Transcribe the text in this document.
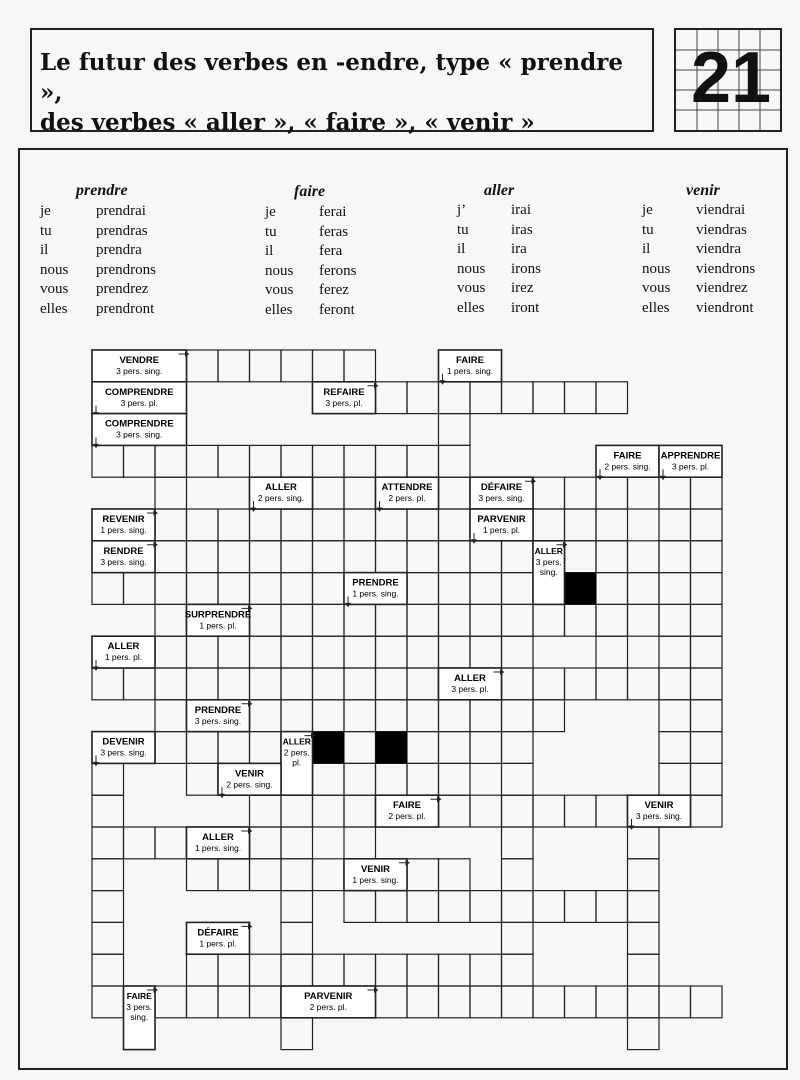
Le futur des verbes en -endre, type « prendre »,
des verbes « aller », « faire », « venir »
21
prendre
je
tu
il
nous
vous
elles
prendrai
prendras
prendra
prendrons
prendrez
prendront
faire
je
tu
il
nous
vous
elles
ferai
feras
fera
ferons
ferez
feront
aller
j’
tu
il
nous
vous
elles
irai
iras
ira
irons
irez
iront
venir
je
tu
il
nous
vous
elles
viendrai
viendras
viendra
viendrons
viendrez
viendront
VENDRE
3 pers. sing.
COMPRENDRE
3 pers. pl.
COMPRENDRE
3 pers. sing.
REFAIRE
3 pers. pl.
FAIRE
1 pers. sing.
FAIRE
2 pers. sing.
APPRENDRE
3 pers. pl.
ALLER
2 pers. sing.
ATTENDRE
2 pers. pl.
DÉFAIRE
3 pers. sing.
REVENIR
1 pers. sing.
PARVENIR
1 pers. pl.
RENDRE
3 pers. sing.
ALLER
3 pers.
sing.
PRENDRE
1 pers. sing.
SURPRENDRE
1 pers. pl.
ALLER
1 pers. pl.
ALLER
3 pers. pl.
PRENDRE
3 pers. sing.
DEVENIR
3 pers. sing.
ALLER
2 pers.
pl.
VENIR
2 pers. sing.
FAIRE
2 pers. pl.
VENIR
3 pers. sing.
ALLER
1 pers. sing.
VENIR
1 pers. sing.
DÉFAIRE
1 pers. pl.
FAIRE
3 pers.
sing.
PARVENIR
2 pers. pl.
